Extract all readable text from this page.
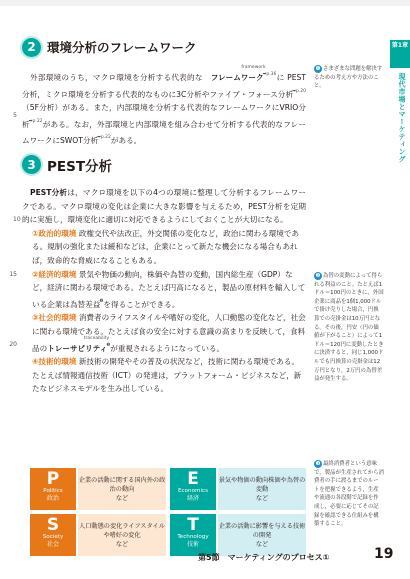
2 環境分析のフレームワーク

外部環境のうち，マクロ環境を分析する代表的な フレームワーク
framework
$^{➡p.36}$に PEST分析，ミクロ環境を分析する代表的なものに3C分析やファイブ・フォース分析$^{➡p.20}$（5F分析）がある。また，内部環境を分析する代表的なフレームワークにVRIO分析$^{➡p.22}$がある。なお，外部環境と内部環境を組み合わせて分析する代表的なフレームワークにSWOT分析$^{➡p.22}$がある。
5

3 PEST分析

PEST分析は，マクロ環境を以下の4つの環境に整理して分析するフレームワークである。マクロ環境の変化は企業に大きな影響を与えるため，PEST分析を定期的に実施し，環境変化に適切に対応できるようにしておくことが大切になる。
10

①政治的環境 政権交代や法改正，外交関係の変化など，政治に関わる環境である。規制の強化または緩和などは，企業にとって新たな機会になる場合もあれば，致命的な脅威になることもある。

②経済的環境 景気や物価の動向，株価や為替の変動，国内総生産（GDP）など，経済に関わる環境である。たとえば円高になると，製品の原材料を輸入している企業は為替差益$^❷$を得ることができる。
15

③社会的環境 消費者のライフスタイルや嗜好の変化，人口動態の変化など，社会に関わる環境である。たとえば食の安全に対する意識の高まりを反映して，食料品のトレーサビリティ
traceability
$^❸$が重視されるようになっている。
20

④技術的環境 新技術の開発やその普及の状況など，技術に関わる環境である。たとえば情報通信技術（ICT）の発達は，プラットフォーム・ビジネスなど，新たなビジネスモデルを生み出している。

P
Politics
政治
企業の活動に関する国内外の政治の動向
など
E
Economics
経済
景気や物価の動向株価や為替の変動
など
S
Society
社会
人口動態の変化ライフスタイルや嗜好の変化
など
T
Technology
技術
企業の活動に影響を与える技術の開発
など

❶ さまざまな問題を解決するための考え方や方法のこと。

❷ 為替の変動によって得られる利益のこと。たとえば1ドル＝100円のときに，外国企業に商品を1個1,000ドルで掛け売りした場合，円換算での売掛金は10万円となる。その後，円安（円の価値が下がること）によって1ドル＝120円に変動したときに決済すると，同じ1,000ドルでも円換算の売掛金は12万円となり，2万円の為替差益が発生する。

❸ 最終消費者という意味で，製品が生産されてから消費者の手に渡るまでのルートを把握できるよう，生産や流通の各段階で記録を作成し，必要に応じてその記録を確認できる仕組みを構築すること。

第1章
現代市場とマーケティング
第5節　マーケティングのプロセス①	19
